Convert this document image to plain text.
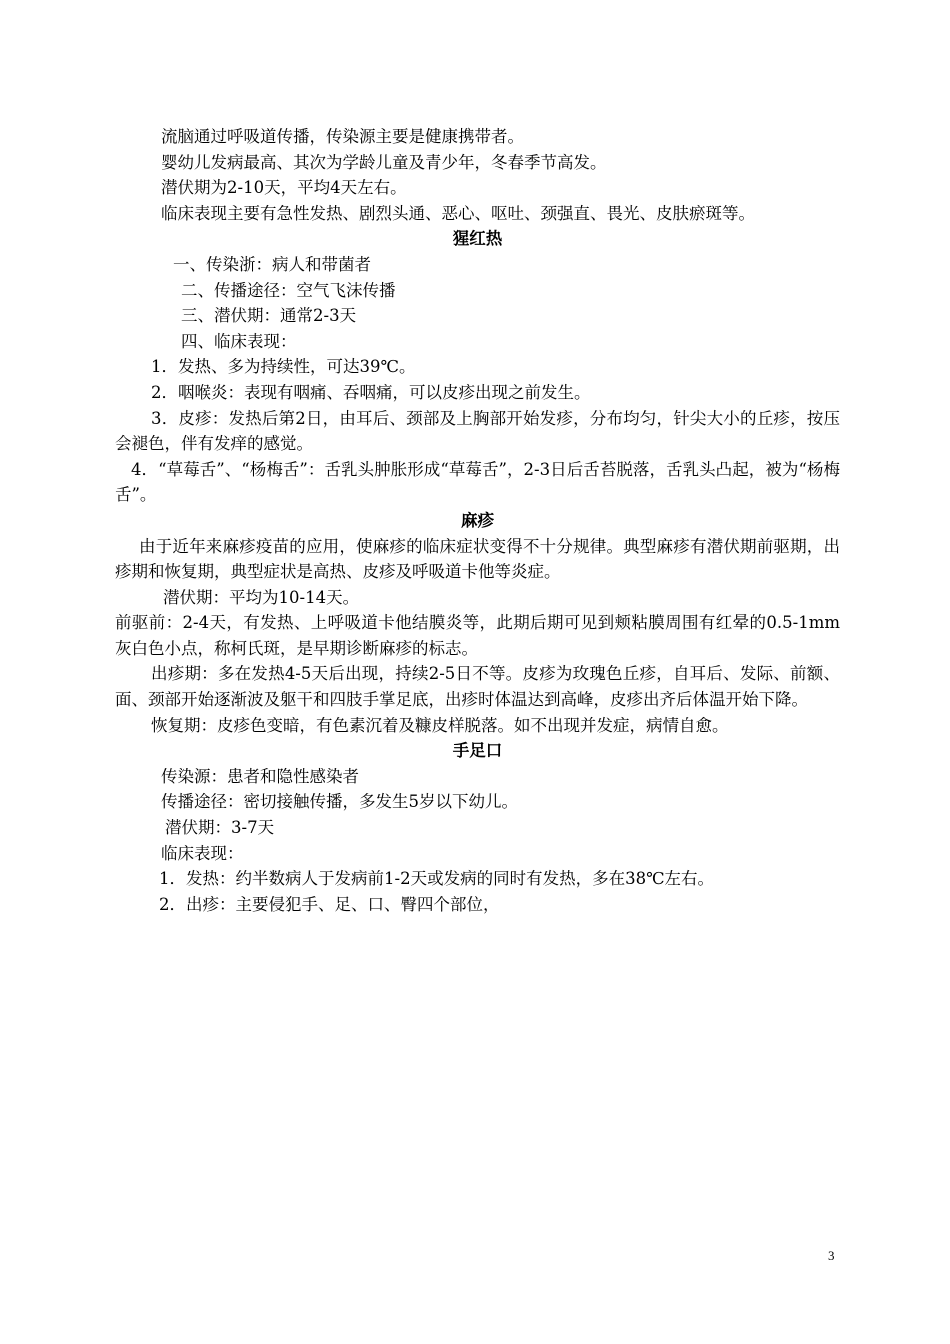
流脑通过呼吸道传播，传染源主要是健康携带者。

婴幼儿发病最高、其次为学龄儿童及青少年，冬春季节高发。

潜伏期为2-10天，平均4天左右。

临床表现主要有急性发热、剧烈头通、恶心、呕吐、颈强直、畏光、皮肤瘀斑等。

猩红热

一、传染浙：病人和带菌者

二、传播途径：空气飞沫传播

三、潜伏期：通常2-3天

四、临床表现：

1．发热、多为持续性，可达39℃。

2．咽喉炎：表现有咽痛、吞咽痛，可以皮疹出现之前发生。

3．皮疹：发热后第2日，由耳后、颈部及上胸部开始发疹，分布均匀，针尖大小的丘疹，按压会褪色，伴有发痒的感觉。

4．“草莓舌”、“杨梅舌”：舌乳头肿胀形成“草莓舌”，2-3日后舌苔脱落，舌乳头凸起，被为“杨梅舌”。

麻疹

由于近年来麻疹疫苗的应用，使麻疹的临床症状变得不十分规律。典型麻疹有潜伏期前驱期，出疹期和恢复期，典型症状是高热、皮疹及呼吸道卡他等炎症。

潜伏期：平均为10-14天。

前驱前：2-4天，有发热、上呼吸道卡他结膜炎等，此期后期可见到颊粘膜周围有红晕的0.5-1mm灰白色小点，称柯氏斑，是早期诊断麻疹的标志。

出疹期：多在发热4-5天后出现，持续2-5日不等。皮疹为玫瑰色丘疹，自耳后、发际、前额、面、颈部开始逐渐波及躯干和四肢手掌足底，出疹时体温达到高峰，皮疹出齐后体温开始下降。

恢复期：皮疹色变暗，有色素沉着及糠皮样脱落。如不出现并发症，病情自愈。

手足口

传染源：患者和隐性感染者

传播途径：密切接触传播，多发生5岁以下幼儿。

潜伏期：3-7天

临床表现：

1．发热：约半数病人于发病前1-2天或发病的同时有发热，多在38℃左右。

2．出疹：主要侵犯手、足、口、臀四个部位，

3
